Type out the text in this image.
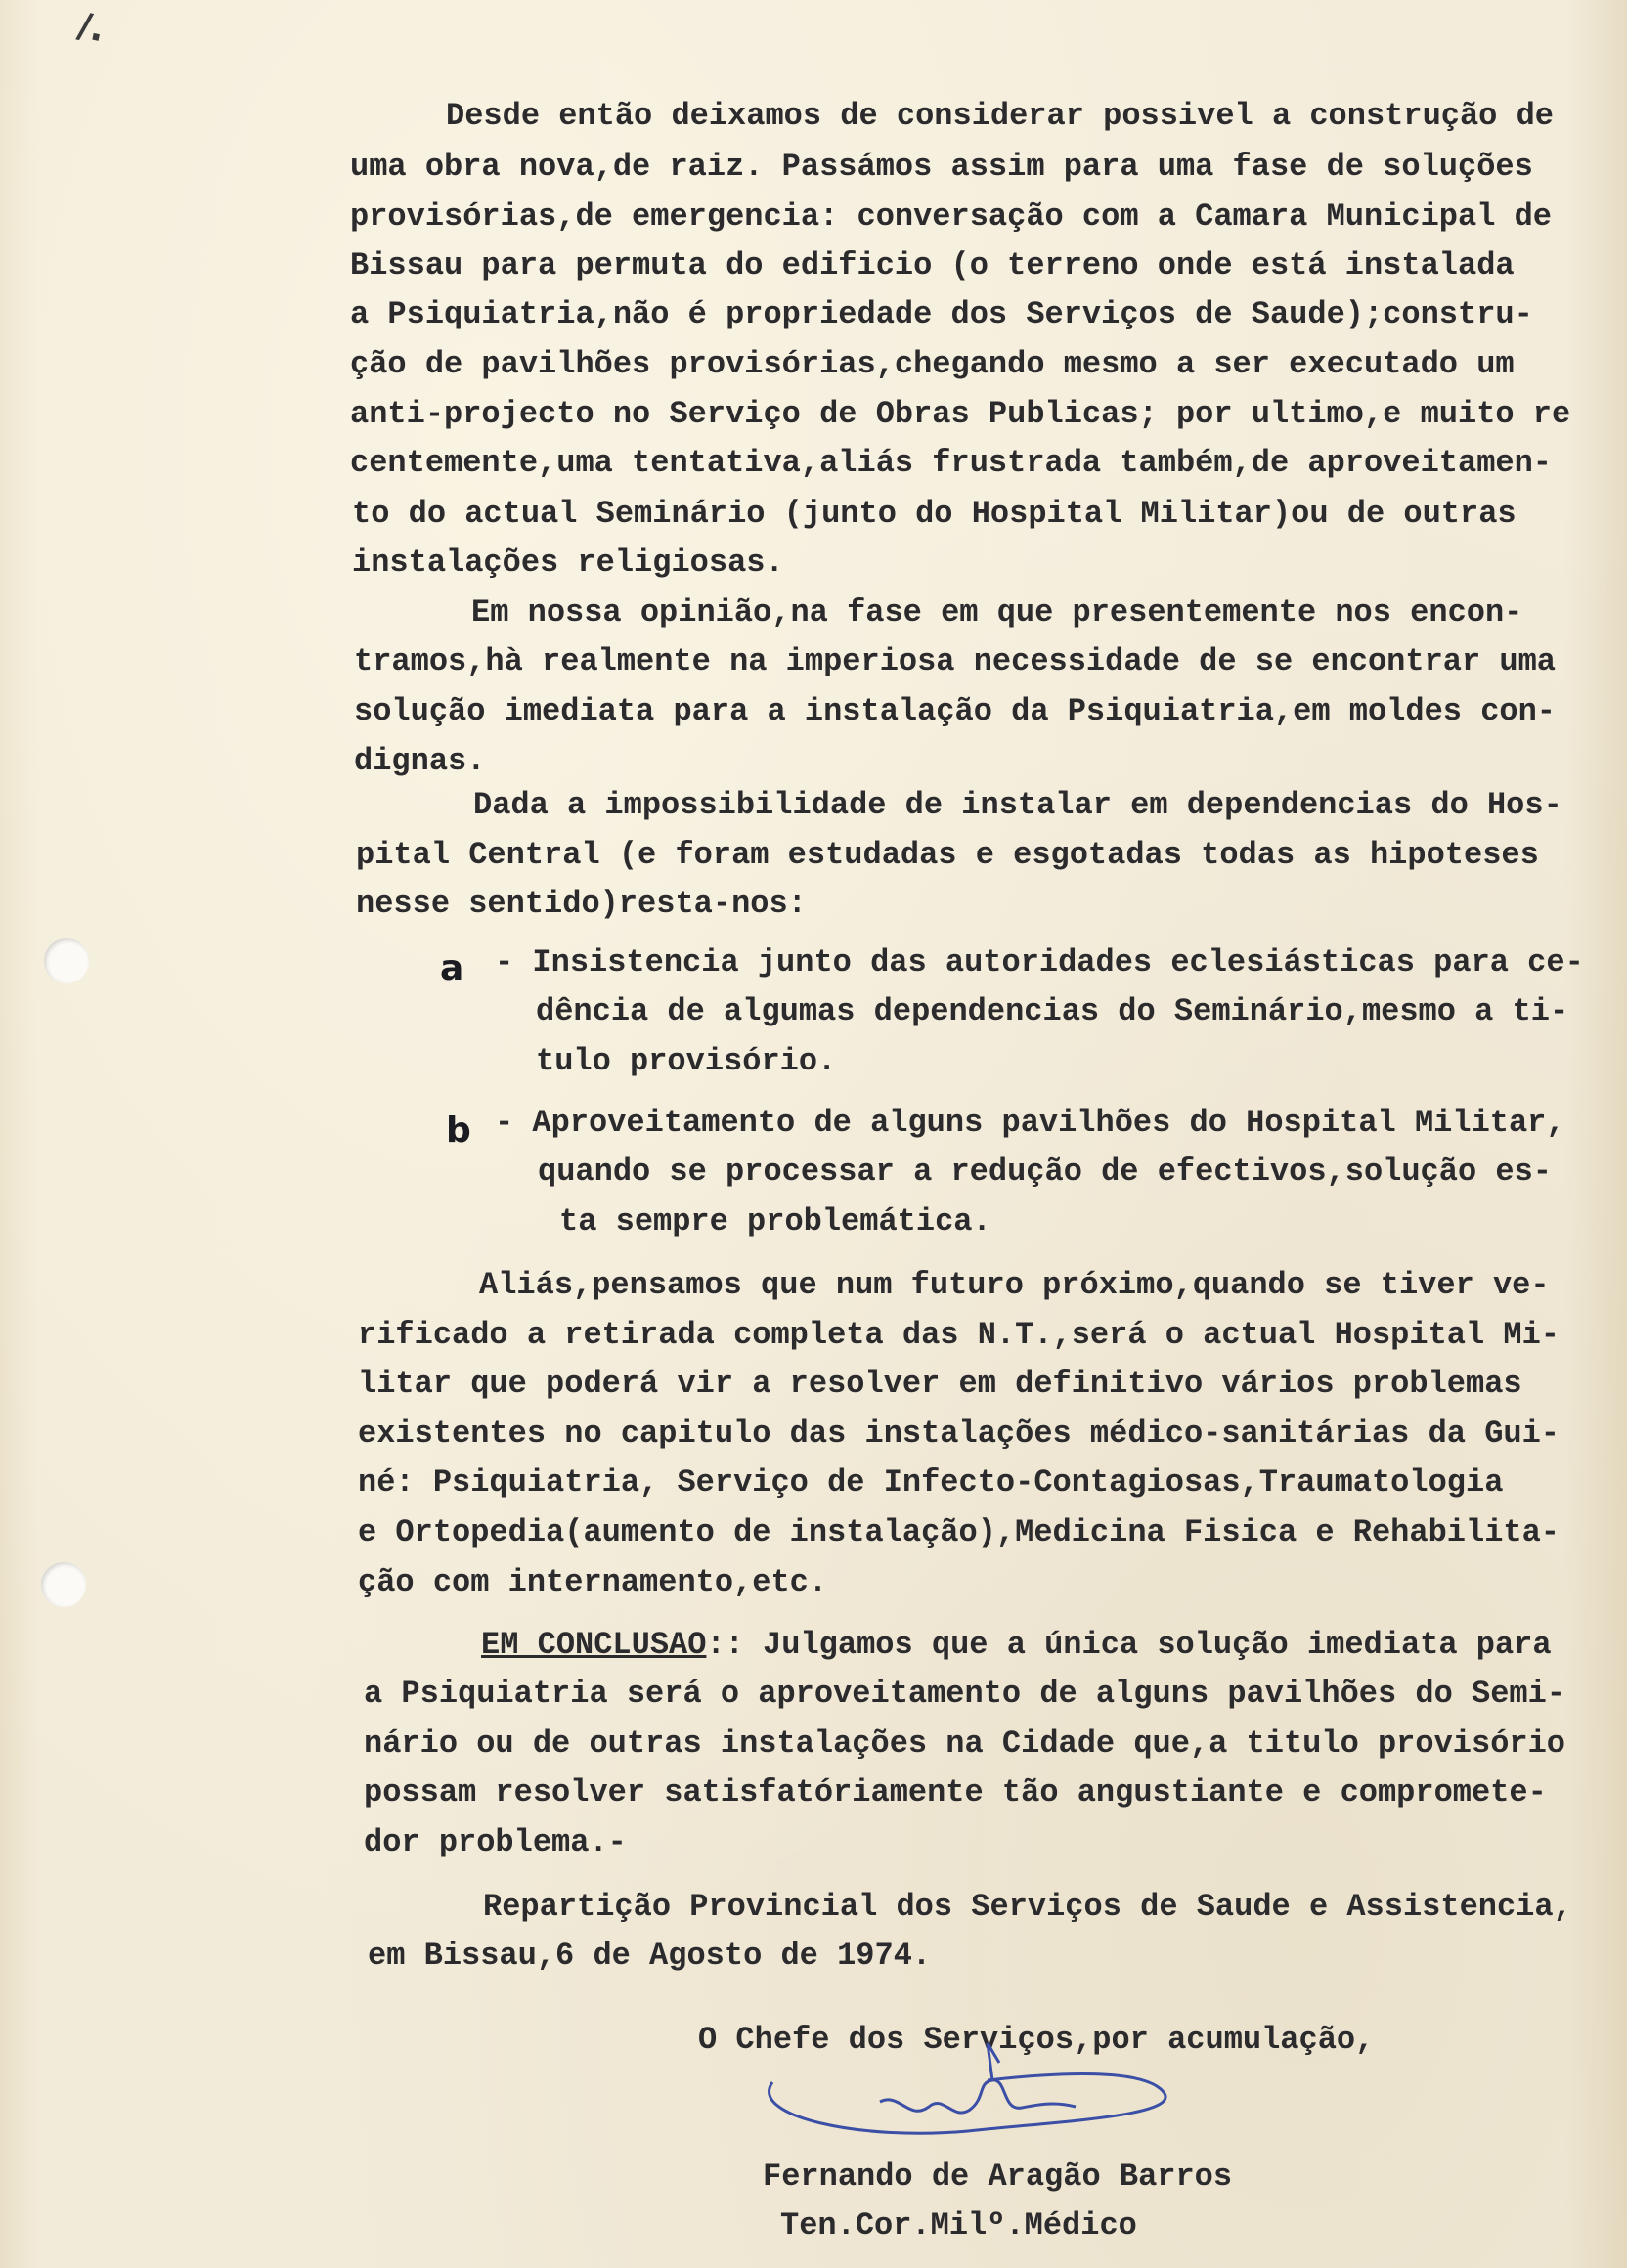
/.
Desde então deixamos de considerar possivel a construção de
uma obra nova,de raiz. Passámos assim para uma fase de soluções
provisórias,de emergencia: conversação com a Camara Municipal de
Bissau para permuta do edificio (o terreno onde está instalada
a Psiquiatria,não é propriedade dos Serviços de Saude);constru-
ção de pavilhões provisórias,chegando mesmo a ser executado um
anti-projecto no Serviço de Obras Publicas; por ultimo,e muito re
centemente,uma tentativa,aliás frustrada também,de aproveitamen-
to do actual Seminário (junto do Hospital Militar)ou de outras
instalações religiosas.
Em nossa opinião,na fase em que presentemente nos encon-
tramos,hà realmente na imperiosa necessidade de se encontrar uma
solução imediata para a instalação da Psiquiatria,em moldes con-
dignas.
Dada a impossibilidade de instalar em dependencias do Hos-
pital Central (e foram estudadas e esgotadas todas as hipoteses
nesse sentido)resta-nos:
a - Insistencia junto das autoridades eclesiásticas para ce-
dência de algumas dependencias do Seminário,mesmo a ti-
tulo provisório.
b - Aproveitamento de alguns pavilhões do Hospital Militar,
quando se processar a redução de efectivos,solução es-
ta sempre problemática.
Aliás,pensamos que num futuro próximo,quando se tiver ve-
rificado a retirada completa das N.T.,será o actual Hospital Mi-
litar que poderá vir a resolver em definitivo vários problemas
existentes no capitulo das instalações médico-sanitárias da Gui-
né: Psiquiatria, Serviço de Infecto-Contagiosas,Traumatologia
e Ortopedia(aumento de instalação),Medicina Fisica e Rehabilita-
ção com internamento,etc.
EM CONCLUSAO:: Julgamos que a única solução imediata para
a Psiquiatria será o aproveitamento de alguns pavilhões do Semi-
nário ou de outras instalações na Cidade que,a titulo provisório
possam resolver satisfatóriamente tão angustiante e compromete-
dor problema.-
Repartição Provincial dos Serviços de Saude e Assistencia,
em Bissau,6 de Agosto de 1974.
O Chefe dos Serviços,por acumulação,
Fernando de Aragão Barros
Ten.Cor.Milº.Médico
